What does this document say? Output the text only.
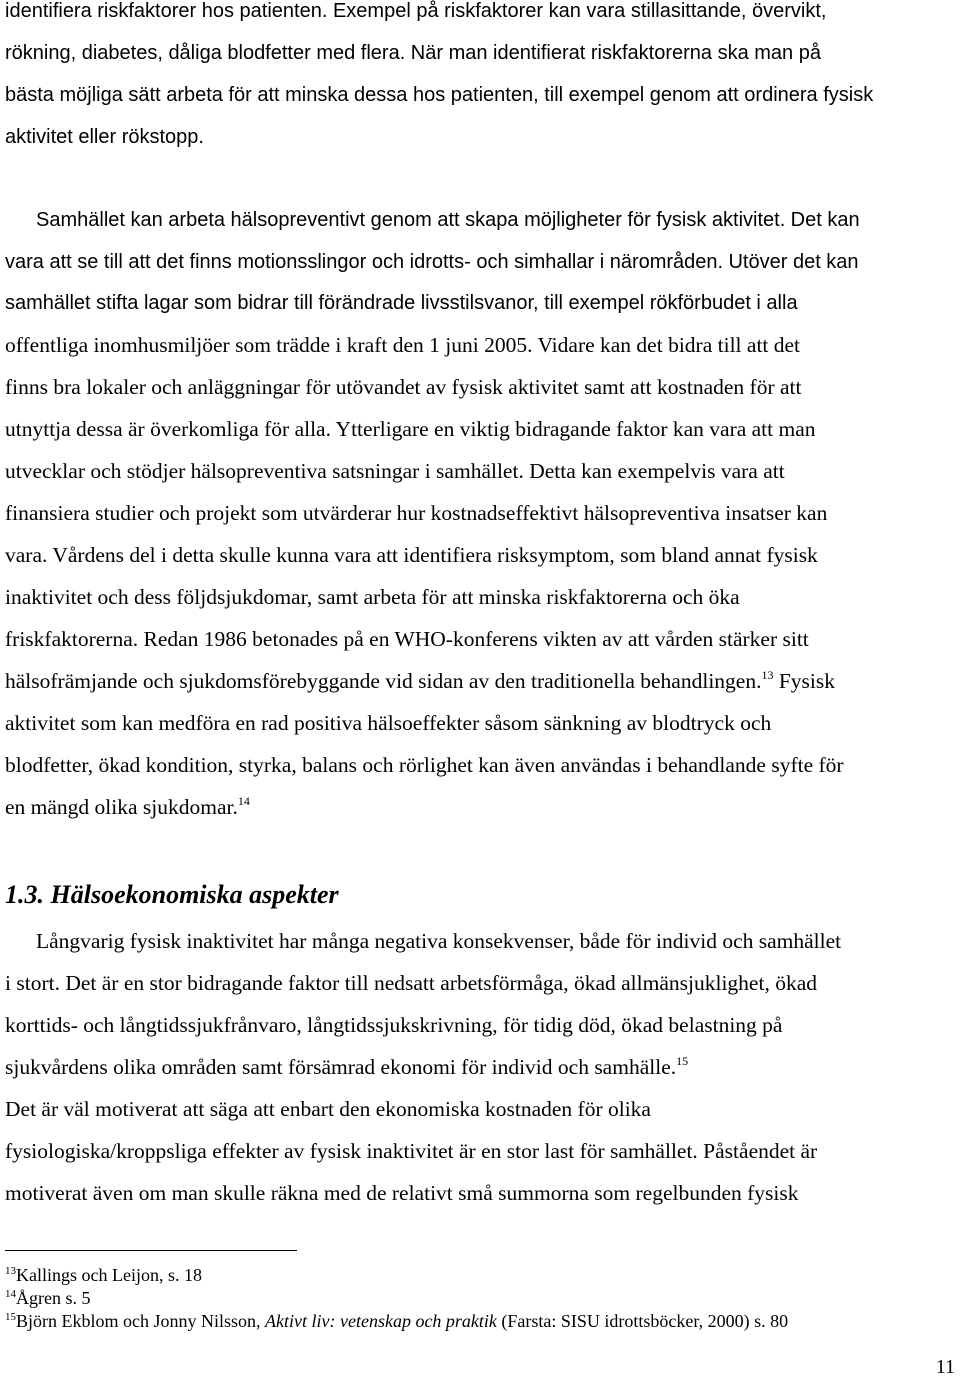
identifiera riskfaktorer hos patienten. Exempel på riskfaktorer kan vara stillasittande, övervikt,
rökning, diabetes, dåliga blodfetter med flera. När man identifierat riskfaktorerna ska man på
bästa möjliga sätt arbeta för att minska dessa hos patienten, till exempel genom att ordinera fysisk
aktivitet eller rökstopp.
Samhället kan arbeta hälsopreventivt genom att skapa möjligheter för fysisk aktivitet. Det kan
vara att se till att det finns motionsslingor och idrotts- och simhallar i närområden. Utöver det kan
samhället stifta lagar som bidrar till förändrade livsstilsvanor, till exempel rökförbudet i alla
offentliga inomhusmiljöer som trädde i kraft den 1 juni 2005. Vidare kan det bidra till att det
finns bra lokaler och anläggningar för utövandet av fysisk aktivitet samt att kostnaden för att
utnyttja dessa är överkomliga för alla. Ytterligare en viktig bidragande faktor kan vara att man
utvecklar och stödjer hälsopreventiva satsningar i samhället. Detta kan exempelvis vara att
finansiera studier och projekt som utvärderar hur kostnadseffektivt hälsopreventiva insatser kan
vara. Vårdens del i detta skulle kunna vara att identifiera risksymptom, som bland annat fysisk
inaktivitet och dess följdsjukdomar, samt arbeta för att minska riskfaktorerna och öka
friskfaktorerna. Redan 1986 betonades på en WHO-konferens vikten av att vården stärker sitt
hälsofrämjande och sjukdomsförebyggande vid sidan av den traditionella behandlingen.$^{13}$ Fysisk
aktivitet som kan medföra en rad positiva hälsoeffekter såsom sänkning av blodtryck och
blodfetter, ökad kondition, styrka, balans och rörlighet kan även användas i behandlande syfte för
en mängd olika sjukdomar.$^{14}$
1.3. Hälsoekonomiska aspekter
Långvarig fysisk inaktivitet har många negativa konsekvenser, både för individ och samhället
i stort. Det är en stor bidragande faktor till nedsatt arbetsförmåga, ökad allmänsjuklighet, ökad
korttids- och långtidssjukfrånvaro, långtidssjukskrivning, för tidig död, ökad belastning på
sjukvårdens olika områden samt försämrad ekonomi för individ och samhälle.$^{15}$
Det är väl motiverat att säga att enbart den ekonomiska kostnaden för olika
fysiologiska/kroppsliga effekter av fysisk inaktivitet är en stor last för samhället. Påståendet är
motiverat även om man skulle räkna med de relativt små summorna som regelbunden fysisk
$^{13}$Kallings och Leijon, s. 18
$^{14}$Ågren s. 5
$^{15}$Björn Ekblom och Jonny Nilsson, Aktivt liv: vetenskap och praktik (Farsta: SISU idrottsböcker, 2000) s. 80
11
